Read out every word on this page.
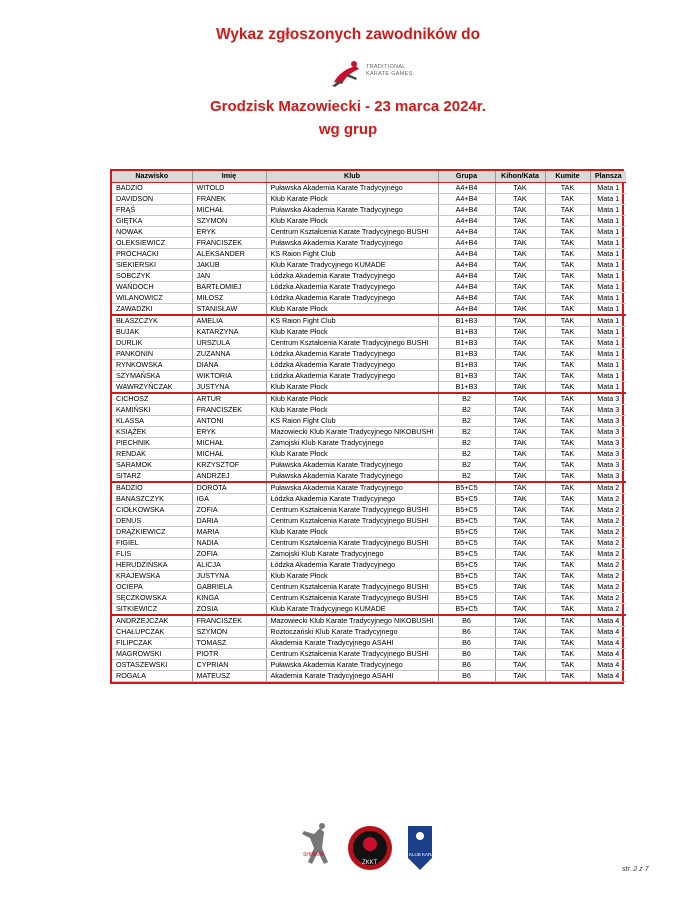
Wykaz zgłoszonych zawodników do
TRADITIONAL
KARATE GAMES
Grodzisk Mazowiecki - 23 marca 2024r.
wg grup
Nazwisko	Imię	Klub	Grupa	Kihon/Kata	Kumite	Plansza
BADZIO	WITOLD	Puławska Akademia Karate Tradycyjnego	A4+B4	TAK	TAK	Mata 1
DAVIDSON	FRANEK	Klub Karate Płock	A4+B4	TAK	TAK	Mata 1
FRĄŚ	MICHAŁ	Puławska Akademia Karate Tradycyjnego	A4+B4	TAK	TAK	Mata 1
GIĘTKA	SZYMON	Klub Karate Płock	A4+B4	TAK	TAK	Mata 1
NOWAK	ERYK	Centrum Kształcenia Karate Tradycyjnego BUSHI	A4+B4	TAK	TAK	Mata 1
OLEKSIEWICZ	FRANCISZEK	Puławska Akademia Karate Tradycyjnego	A4+B4	TAK	TAK	Mata 1
PROCHACKI	ALEKSANDER	KS Raion Fight Club	A4+B4	TAK	TAK	Mata 1
SIEKIERSKI	JAKUB	Klub Karate Tradycyjnego KUMADE	A4+B4	TAK	TAK	Mata 1
SOBCZYK	JAN	Łódzka Akademia Karate Tradycyjnego	A4+B4	TAK	TAK	Mata 1
WAŃDOCH	BARTŁOMIEJ	Łódzka Akademia Karate Tradycyjnego	A4+B4	TAK	TAK	Mata 1
WILANOWICZ	MIŁOSZ	Łódzka Akademia Karate Tradycyjnego	A4+B4	TAK	TAK	Mata 1
ZAWADZKI	STANISŁAW	Klub Karate Płock	A4+B4	TAK	TAK	Mata 1
BŁASZCZYK	AMELIA	KS Raion Fight Club	B1+B3	TAK	TAK	Mata 1
BUJAK	KATARZYNA	Klub Karate Płock	B1+B3	TAK	TAK	Mata 1
DURLIK	URSZULA	Centrum Kształcenia Karate Tradycyjnego BUSHI	B1+B3	TAK	TAK	Mata 1
PANKONIN	ZUZANNA	Łódzka Akademia Karate Tradycyjnego	B1+B3	TAK	TAK	Mata 1
RYNKOWSKA	DIANA	Łódzka Akademia Karate Tradycyjnego	B1+B3	TAK	TAK	Mata 1
SZYMAŃSKA	WIKTORIA	Łódzka Akademia Karate Tradycyjnego	B1+B3	TAK	TAK	Mata 1
WAWRZYŃCZAK	JUSTYNA	Klub Karate Płock	B1+B3	TAK	TAK	Mata 1
CICHOSZ	ARTUR	Klub Karate Płock	B2	TAK	TAK	Mata 3
KAMIŃSKI	FRANCISZEK	Klub Karate Płock	B2	TAK	TAK	Mata 3
KLASSA	ANTONI	KS Raion Fight Club	B2	TAK	TAK	Mata 3
KSIĄŻEK	ERYK	Mazowiecki Klub Karate Tradycyjnego NIKOBUSHI	B2	TAK	TAK	Mata 3
PIECHNIK	MICHAŁ	Zamojski Klub Karate Tradycyjnego	B2	TAK	TAK	Mata 3
RENDAK	MICHAŁ	Klub Karate Płock	B2	TAK	TAK	Mata 3
SARAMOK	KRZYSZTOF	Puławska Akademia Karate Tradycyjnego	B2	TAK	TAK	Mata 3
SITARZ	ANDRZEJ	Puławska Akademia Karate Tradycyjnego	B2	TAK	TAK	Mata 3
BADZIO	DOROTA	Puławska Akademia Karate Tradycyjnego	B5+C5	TAK	TAK	Mata 2
BANASZCZYK	IGA	Łódzka Akademia Karate Tradycyjnego	B5+C5	TAK	TAK	Mata 2
CIOŁKOWSKA	ZOFIA	Centrum Kształcenia Karate Tradycyjnego BUSHI	B5+C5	TAK	TAK	Mata 2
DENUS	DARIA	Centrum Kształcenia Karate Tradycyjnego BUSHI	B5+C5	TAK	TAK	Mata 2
DRĄŻKIEWICZ	MARIA	Klub Karate Płock	B5+C5	TAK	TAK	Mata 2
FIGIEL	NADIA	Centrum Kształcenia Karate Tradycyjnego BUSHI	B5+C5	TAK	TAK	Mata 2
FLIS	ZOFIA	Zamojski Klub Karate Tradycyjnego	B5+C5	TAK	TAK	Mata 2
HERUDZIŃSKA	ALICJA	Łódzka Akademia Karate Tradycyjnego	B5+C5	TAK	TAK	Mata 2
KRAJEWSKA	JUSTYNA	Klub Karate Płock	B5+C5	TAK	TAK	Mata 2
OCIEPA	GABRIELA	Centrum Kształcenia Karate Tradycyjnego BUSHI	B5+C5	TAK	TAK	Mata 2
SĘCZKOWSKA	KINGA	Centrum Kształcenia Karate Tradycyjnego BUSHI	B5+C5	TAK	TAK	Mata 2
SITKIEWICZ	ZOSIA	Klub Karate Tradycyjnego KUMADE	B5+C5	TAK	TAK	Mata 2
ANDRZEJCZAK	FRANCISZEK	Mazowiecki Klub Karate Tradycyjnego NIKOBUSHI	B6	TAK	TAK	Mata 4
CHAŁUPCZAK	SZYMON	Roztoczański Klub Karate Tradycyjnego	B6	TAK	TAK	Mata 4
FILIPCZAK	TOMASZ	Akademia Karate Tradycyjnego ASAHI	B6	TAK	TAK	Mata 4
MAGROWSKI	PIOTR	Centrum Kształcenia Karate Tradycyjnego BUSHI	B6	TAK	TAK	Mata 4
OSTASZEWSKI	CYPRIAN	Puławska Akademia Karate Tradycyjnego	B6	TAK	TAK	Mata 4
ROGALA	MATEUSZ	Akademia Karate Tradycyjnego ASAHI	B6	TAK	TAK	Mata 4
SHINKIN
ZKKT
KLUB KARATE
str. 2 z 7
